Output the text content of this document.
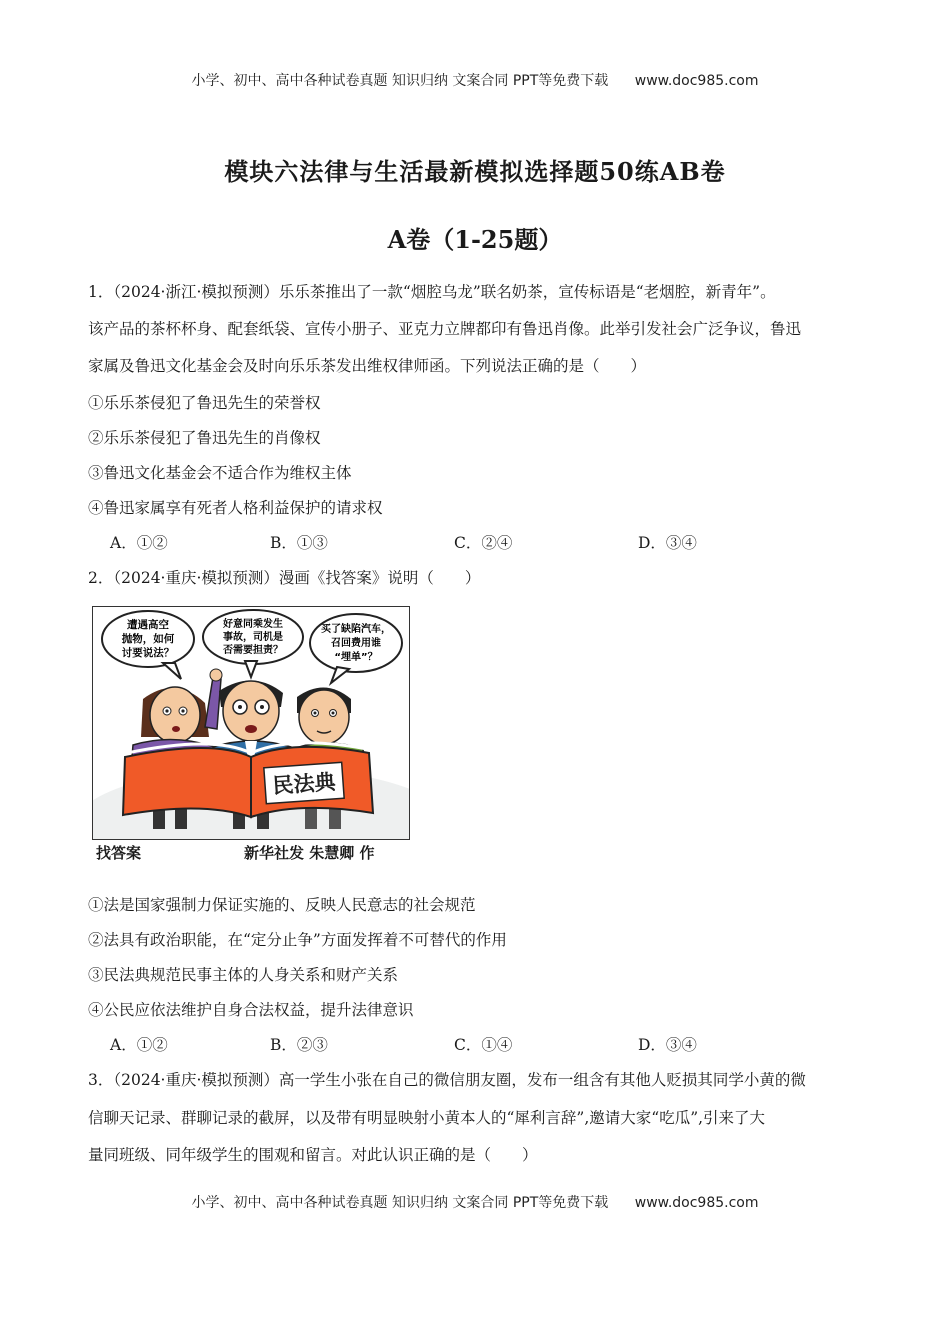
小学、初中、高中各种试卷真题 知识归纳 文案合同 PPT等免费下载 www.doc985.com
模块六法律与生活最新模拟选择题50练AB卷
A卷（1-25题）
1．（2024·浙江·模拟预测）乐乐茶推出了一款“烟腔乌龙”联名奶茶，宣传标语是“老烟腔，新青年”。
该产品的茶杯杯身、配套纸袋、宣传小册子、亚克力立牌都印有鲁迅肖像。此举引发社会广泛争议，鲁迅
家属及鲁迅文化基金会及时向乐乐茶发出维权律师函。下列说法正确的是（　　）
①乐乐茶侵犯了鲁迅先生的荣誉权
②乐乐茶侵犯了鲁迅先生的肖像权
③鲁迅文化基金会不适合作为维权主体
④鲁迅家属享有死者人格利益保护的请求权
A．①②	B．①③	C．②④	D．③④
2．（2024·重庆·模拟预测）漫画《找答案》说明（　　）
遭遇高空
抛物，如何
讨要说法？
好意同乘发生
事故，司机是
否需要担责？
买了缺陷汽车，
召回费用谁
“埋单”？
民法典
找答案	新华社发 朱慧卿 作
①法是国家强制力保证实施的、反映人民意志的社会规范
②法具有政治职能，在“定分止争”方面发挥着不可替代的作用
③民法典规范民事主体的人身关系和财产关系
④公民应依法维护自身合法权益，提升法律意识
A．①②	B．②③	C．①④	D．③④
3．（2024·重庆·模拟预测）高一学生小张在自己的微信朋友圈，发布一组含有其他人贬损其同学小黄的微
信聊天记录、群聊记录的截屏，以及带有明显映射小黄本人的“犀利言辞”,邀请大家“吃瓜”,引来了大
量同班级、同年级学生的围观和留言。对此认识正确的是（　　）
小学、初中、高中各种试卷真题 知识归纳 文案合同 PPT等免费下载 www.doc985.com
